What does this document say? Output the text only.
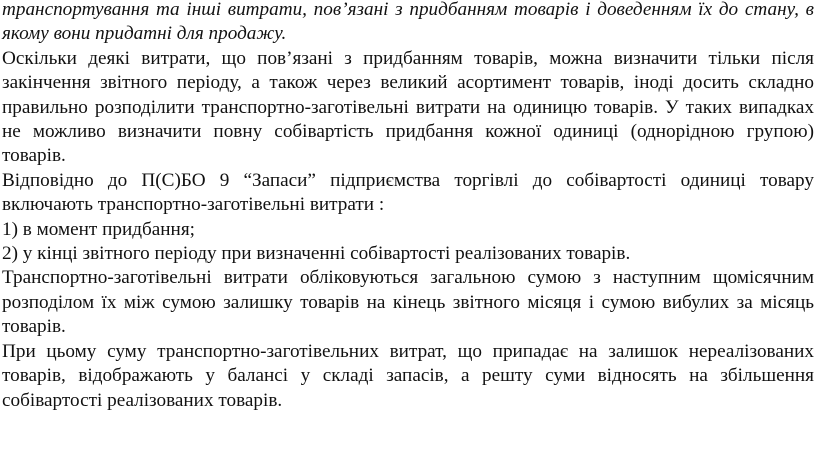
транспортування та інші витрати, пов’язані з придбанням товарів і доведенням їх до стану, в якому вони придатні для продажу.

Оскільки деякі витрати, що пов’язані з придбанням товарів, можна визначити тільки після закінчення звітного періоду, а також через великий асортимент товарів, іноді досить складно правильно розподілити транспортно-заготівельні витрати на одиницю товарів. У таких випадках не можливо визначити повну собівартість придбання кожної одиниці (однорідною групою) товарів.

Відповідно до П(С)БО 9 “Запаси” підприємства торгівлі до собівартості одиниці товару включають транспортно-заготівельні витрати :

1) в момент придбання;

2) у кінці звітного періоду при визначенні собівартості реалізованих товарів.

Транспортно-заготівельні витрати обліковуються загальною сумою з наступним щомісячним розподілом їх між сумою залишку товарів на кінець звітного місяця і сумою вибулих за місяць товарів.

При цьому суму транспортно-заготівельних витрат, що припадає на залишок нереалізованих товарів, відображають у балансі у складі запасів, а решту суми відносять на збільшення собівартості реалізованих товарів.
